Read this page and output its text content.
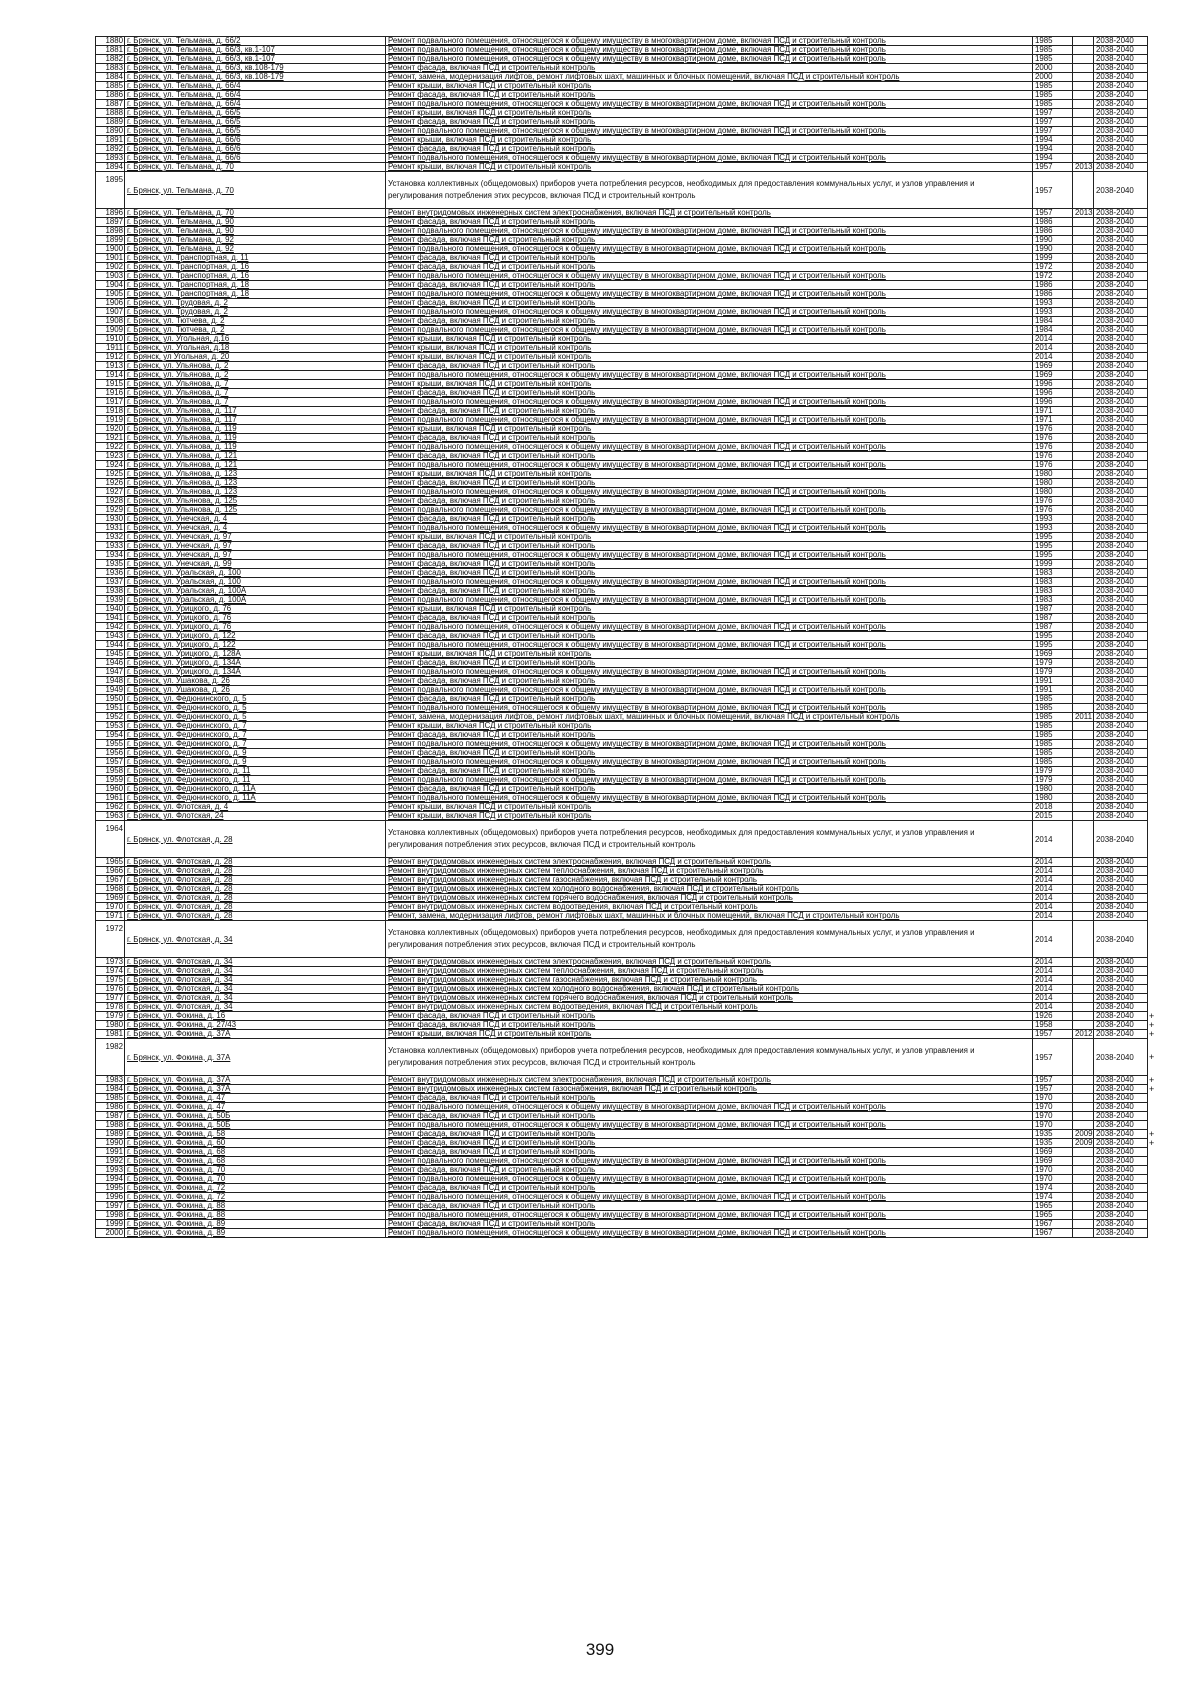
1880	г. Брянск, ул. Тельмана, д. 66/2	Ремонт подвального помещения, относящегося к общему имуществу в многоквартирном доме, включая ПСД и строительный контроль	1985		2038-2040	
1881	г. Брянск, ул. Тельмана, д. 66/3, кв.1-107	Ремонт подвального помещения, относящегося к общему имуществу в многоквартирном доме, включая ПСД и строительный контроль	1985		2038-2040	
1882	г. Брянск, ул. Тельмана, д. 66/3, кв.1-107	Ремонт подвального помещения, относящегося к общему имуществу в многоквартирном доме, включая ПСД и строительный контроль	1985		2038-2040	
1883	г. Брянск, ул. Тельмана, д. 66/3, кв.108-179	Ремонт фасада, включая ПСД и строительный контроль	2000		2038-2040	
1884	г. Брянск, ул. Тельмана, д. 66/3, кв.108-179	Ремонт, замена, модернизация лифтов, ремонт лифтовых шахт, машинных и блочных помещений, включая ПСД и строительный контроль	2000		2038-2040	
1885	г. Брянск, ул. Тельмана, д. 66/4	Ремонт крыши, включая ПСД и строительный контроль	1985		2038-2040	
1886	г. Брянск, ул. Тельмана, д. 66/4	Ремонт фасада, включая ПСД и строительный контроль	1985		2038-2040	
1887	г. Брянск, ул. Тельмана, д. 66/4	Ремонт подвального помещения, относящегося к общему имуществу в многоквартирном доме, включая ПСД и строительный контроль	1985		2038-2040	
1888	г. Брянск, ул. Тельмана, д. 66/5	Ремонт крыши, включая ПСД и строительный контроль	1997		2038-2040	
1889	г. Брянск, ул. Тельмана, д. 66/5	Ремонт фасада, включая ПСД и строительный контроль	1997		2038-2040	
1890	г. Брянск, ул. Тельмана, д. 66/5	Ремонт подвального помещения, относящегося к общему имуществу в многоквартирном доме, включая ПСД и строительный контроль	1997		2038-2040	
1891	г. Брянск, ул. Тельмана, д. 66/6	Ремонт крыши, включая ПСД и строительный контроль	1994		2038-2040	
1892	г. Брянск, ул. Тельмана, д. 66/6	Ремонт фасада, включая ПСД и строительный контроль	1994		2038-2040	
1893	г. Брянск, ул. Тельмана, д. 66/6	Ремонт подвального помещения, относящегося к общему имуществу в многоквартирном доме, включая ПСД и строительный контроль	1994		2038-2040	
1894	г. Брянск, ул. Тельмана, д. 70	Ремонт крыши, включая ПСД и строительный контроль	1957	2013	2038-2040	
1895	г. Брянск, ул. Тельмана, д. 70	Установка коллективных (общедомовых) приборов учета потребления ресурсов, необходимых для предоставления коммунальных услуг, и узлов управления и регулирования потребления этих ресурсов, включая ПСД и строительный контроль	1957		2038-2040	
1896	г. Брянск, ул. Тельмана, д. 70	Ремонт внутридомовых инженерных систем электроснабжения, включая ПСД и строительный контроль	1957	2013	2038-2040	
1897	г. Брянск, ул. Тельмана, д. 90	Ремонт фасада, включая ПСД и строительный контроль	1986		2038-2040	
1898	г. Брянск, ул. Тельмана, д. 90	Ремонт подвального помещения, относящегося к общему имуществу в многоквартирном доме, включая ПСД и строительный контроль	1986		2038-2040	
1899	г. Брянск, ул. Тельмана, д. 92	Ремонт фасада, включая ПСД и строительный контроль	1990		2038-2040	
1900	г. Брянск, ул. Тельмана, д. 92	Ремонт подвального помещения, относящегося к общему имуществу в многоквартирном доме, включая ПСД и строительный контроль	1990		2038-2040	
1901	г. Брянск, ул. Транспортная, д. 11	Ремонт фасада, включая ПСД и строительный контроль	1999		2038-2040	
1902	г. Брянск, ул. Транспортная, д. 16	Ремонт фасада, включая ПСД и строительный контроль	1972		2038-2040	
1903	г. Брянск, ул. Транспортная, д. 16	Ремонт подвального помещения, относящегося к общему имуществу в многоквартирном доме, включая ПСД и строительный контроль	1972		2038-2040	
1904	г. Брянск, ул. Транспортная, д. 18	Ремонт фасада, включая ПСД и строительный контроль	1986		2038-2040	
1905	г. Брянск, ул. Транспортная, д. 18	Ремонт подвального помещения, относящегося к общему имуществу в многоквартирном доме, включая ПСД и строительный контроль	1986		2038-2040	
1906	г. Брянск, ул. Трудовая, д. 2	Ремонт фасада, включая ПСД и строительный контроль	1993		2038-2040	
1907	г. Брянск, ул. Трудовая, д. 2	Ремонт подвального помещения, относящегося к общему имуществу в многоквартирном доме, включая ПСД и строительный контроль	1993		2038-2040	
1908	г. Брянск, ул. Тютчева, д. 2	Ремонт фасада, включая ПСД и строительный контроль	1984		2038-2040	
1909	г. Брянск, ул. Тютчева, д. 2	Ремонт подвального помещения, относящегося к общему имуществу в многоквартирном доме, включая ПСД и строительный контроль	1984		2038-2040	
1910	г. Брянск, ул. Угольная, д.16	Ремонт крыши, включая ПСД и строительный контроль	2014		2038-2040	
1911	г. Брянск, ул. Угольная, д.18	Ремонт крыши, включая ПСД и строительный контроль	2014		2038-2040	
1912	г. Брянск, ул Угольная, д. 20	Ремонт крыши, включая ПСД и строительный контроль	2014		2038-2040	
1913	г. Брянск, ул. Ульянова, д. 2	Ремонт фасада, включая ПСД и строительный контроль	1969		2038-2040	
1914	г. Брянск, ул. Ульянова, д. 2	Ремонт подвального помещения, относящегося к общему имуществу в многоквартирном доме, включая ПСД и строительный контроль	1969		2038-2040	
1915	г. Брянск, ул. Ульянова, д. 7	Ремонт крыши, включая ПСД и строительный контроль	1996		2038-2040	
1916	г. Брянск, ул. Ульянова, д. 7	Ремонт фасада, включая ПСД и строительный контроль	1996		2038-2040	
1917	г. Брянск, ул. Ульянова, д. 7	Ремонт подвального помещения, относящегося к общему имуществу в многоквартирном доме, включая ПСД и строительный контроль	1996		2038-2040	
1918	г. Брянск, ул. Ульянова, д. 117	Ремонт фасада, включая ПСД и строительный контроль	1971		2038-2040	
1919	г. Брянск, ул. Ульянова, д. 117	Ремонт подвального помещения, относящегося к общему имуществу в многоквартирном доме, включая ПСД и строительный контроль	1971		2038-2040	
1920	г. Брянск, ул. Ульянова, д. 119	Ремонт крыши, включая ПСД и строительный контроль	1976		2038-2040	
1921	г. Брянск, ул. Ульянова, д. 119	Ремонт фасада, включая ПСД и строительный контроль	1976		2038-2040	
1922	г. Брянск, ул. Ульянова, д. 119	Ремонт подвального помещения, относящегося к общему имуществу в многоквартирном доме, включая ПСД и строительный контроль	1976		2038-2040	
1923	г. Брянск, ул. Ульянова, д. 121	Ремонт фасада, включая ПСД и строительный контроль	1976		2038-2040	
1924	г. Брянск, ул. Ульянова, д. 121	Ремонт подвального помещения, относящегося к общему имуществу в многоквартирном доме, включая ПСД и строительный контроль	1976		2038-2040	
1925	г. Брянск, ул. Ульянова, д. 123	Ремонт крыши, включая ПСД и строительный контроль	1980		2038-2040	
1926	г. Брянск, ул. Ульянова, д. 123	Ремонт фасада, включая ПСД и строительный контроль	1980		2038-2040	
1927	г. Брянск, ул. Ульянова, д. 123	Ремонт подвального помещения, относящегося к общему имуществу в многоквартирном доме, включая ПСД и строительный контроль	1980		2038-2040	
1928	г. Брянск, ул. Ульянова, д. 125	Ремонт фасада, включая ПСД и строительный контроль	1976		2038-2040	
1929	г. Брянск, ул. Ульянова, д. 125	Ремонт подвального помещения, относящегося к общему имуществу в многоквартирном доме, включая ПСД и строительный контроль	1976		2038-2040	
1930	г. Брянск, ул. Унечская, д. 4	Ремонт фасада, включая ПСД и строительный контроль	1993		2038-2040	
1931	г. Брянск, ул. Унечская, д. 4	Ремонт подвального помещения, относящегося к общему имуществу в многоквартирном доме, включая ПСД и строительный контроль	1993		2038-2040	
1932	г. Брянск, ул. Унечская, д. 97	Ремонт крыши, включая ПСД и строительный контроль	1995		2038-2040	
1933	г. Брянск, ул. Унечская, д. 97	Ремонт фасада, включая ПСД и строительный контроль	1995		2038-2040	
1934	г. Брянск, ул. Унечская, д. 97	Ремонт подвального помещения, относящегося к общему имуществу в многоквартирном доме, включая ПСД и строительный контроль	1995		2038-2040	
1935	г. Брянск, ул. Унечская, д. 99	Ремонт фасада, включая ПСД и строительный контроль	1999		2038-2040	
1936	г. Брянск, ул. Уральская, д. 100	Ремонт фасада, включая ПСД и строительный контроль	1983		2038-2040	
1937	г. Брянск, ул. Уральская, д. 100	Ремонт подвального помещения, относящегося к общему имуществу в многоквартирном доме, включая ПСД и строительный контроль	1983		2038-2040	
1938	г. Брянск, ул. Уральская, д. 100А	Ремонт фасада, включая ПСД и строительный контроль	1983		2038-2040	
1939	г. Брянск, ул. Уральская, д. 100А	Ремонт подвального помещения, относящегося к общему имуществу в многоквартирном доме, включая ПСД и строительный контроль	1983		2038-2040	
1940	г. Брянск, ул. Урицкого, д. 76	Ремонт крыши, включая ПСД и строительный контроль	1987		2038-2040	
1941	г. Брянск, ул. Урицкого, д. 76	Ремонт фасада, включая ПСД и строительный контроль	1987		2038-2040	
1942	г. Брянск, ул. Урицкого, д. 76	Ремонт подвального помещения, относящегося к общему имуществу в многоквартирном доме, включая ПСД и строительный контроль	1987		2038-2040	
1943	г. Брянск, ул. Урицкого, д. 122	Ремонт фасада, включая ПСД и строительный контроль	1995		2038-2040	
1944	г. Брянск, ул. Урицкого, д. 122	Ремонт подвального помещения, относящегося к общему имуществу в многоквартирном доме, включая ПСД и строительный контроль	1995		2038-2040	
1945	г. Брянск, ул. Урицкого, д. 128А	Ремонт крыши, включая ПСД и строительный контроль	1969		2038-2040	
1946	г. Брянск, ул. Урицкого, д. 134А	Ремонт фасада, включая ПСД и строительный контроль	1979		2038-2040	
1947	г. Брянск, ул. Урицкого, д. 134А	Ремонт подвального помещения, относящегося к общему имуществу в многоквартирном доме, включая ПСД и строительный контроль	1979		2038-2040	
1948	г. Брянск, ул. Ушакова, д. 26	Ремонт фасада, включая ПСД и строительный контроль	1991		2038-2040	
1949	г. Брянск, ул. Ушакова, д. 26	Ремонт подвального помещения, относящегося к общему имуществу в многоквартирном доме, включая ПСД и строительный контроль	1991		2038-2040	
1950	г. Брянск, ул. Федюнинского, д. 5	Ремонт фасада, включая ПСД и строительный контроль	1985		2038-2040	
1951	г. Брянск, ул. Федюнинского, д. 5	Ремонт подвального помещения, относящегося к общему имуществу в многоквартирном доме, включая ПСД и строительный контроль	1985		2038-2040	
1952	г. Брянск, ул. Федюнинского, д. 5	Ремонт, замена, модернизация лифтов, ремонт лифтовых шахт, машинных и блочных помещений, включая ПСД и строительный контроль	1985	2011	2038-2040	
1953	г. Брянск, ул. Федюнинского, д. 7	Ремонт крыши, включая ПСД и строительный контроль	1985		2038-2040	
1954	г. Брянск, ул. Федюнинского, д. 7	Ремонт фасада, включая ПСД и строительный контроль	1985		2038-2040	
1955	г. Брянск, ул. Федюнинского, д. 7	Ремонт подвального помещения, относящегося к общему имуществу в многоквартирном доме, включая ПСД и строительный контроль	1985		2038-2040	
1956	г. Брянск, ул. Федюнинского, д. 9	Ремонт фасада, включая ПСД и строительный контроль	1985		2038-2040	
1957	г. Брянск, ул. Федюнинского, д. 9	Ремонт подвального помещения, относящегося к общему имуществу в многоквартирном доме, включая ПСД и строительный контроль	1985		2038-2040	
1958	г. Брянск, ул. Федюнинского, д. 11	Ремонт фасада, включая ПСД и строительный контроль	1979		2038-2040	
1959	г. Брянск, ул. Федюнинского, д. 11	Ремонт подвального помещения, относящегося к общему имуществу в многоквартирном доме, включая ПСД и строительный контроль	1979		2038-2040	
1960	г. Брянск, ул. Федюнинского, д. 11А	Ремонт фасада, включая ПСД и строительный контроль	1980		2038-2040	
1961	г. Брянск, ул. Федюнинского, д. 11А	Ремонт подвального помещения, относящегося к общему имуществу в многоквартирном доме, включая ПСД и строительный контроль	1980		2038-2040	
1962	г. Брянск, ул. Флотская, д. 4	Ремонт крыши, включая ПСД и строительный контроль	2018		2038-2040	
1963	г. Брянск, ул. Флотская, 24	Ремонт крыши, включая ПСД и строительный контроль	2015		2038-2040	
1964	г. Брянск, ул. Флотская, д. 28	Установка коллективных (общедомовых) приборов учета потребления ресурсов, необходимых для предоставления коммунальных услуг, и узлов управления и регулирования потребления этих ресурсов, включая ПСД и строительный контроль	2014		2038-2040	
1965	г. Брянск, ул. Флотская, д. 28	Ремонт внутридомовых инженерных систем электроснабжения, включая ПСД и строительный контроль	2014		2038-2040	
1966	г. Брянск, ул. Флотская, д. 28	Ремонт внутридомовых инженерных систем теплоснабжения, включая ПСД и строительный контроль	2014		2038-2040	
1967	г. Брянск, ул. Флотская, д. 28	Ремонт внутридомовых инженерных систем газоснабжения, включая ПСД и строительный контроль	2014		2038-2040	
1968	г. Брянск, ул. Флотская, д. 28	Ремонт внутридомовых инженерных систем холодного водоснабжения, включая ПСД и строительный контроль	2014		2038-2040	
1969	г. Брянск, ул. Флотская, д. 28	Ремонт внутридомовых инженерных систем горячего водоснабжения, включая ПСД и строительный контроль	2014		2038-2040	
1970	г. Брянск, ул. Флотская, д. 28	Ремонт внутридомовых инженерных систем водоотведения, включая ПСД и строительный контроль	2014		2038-2040	
1971	г. Брянск, ул. Флотская, д. 28	Ремонт, замена, модернизация лифтов, ремонт лифтовых шахт, машинных и блочных помещений, включая ПСД и строительный контроль	2014		2038-2040	
1972	г. Брянск, ул. Флотская, д. 34	Установка коллективных (общедомовых) приборов учета потребления ресурсов, необходимых для предоставления коммунальных услуг, и узлов управления и регулирования потребления этих ресурсов, включая ПСД и строительный контроль	2014		2038-2040	
1973	г. Брянск, ул. Флотская, д. 34	Ремонт внутридомовых инженерных систем электроснабжения, включая ПСД и строительный контроль	2014		2038-2040	
1974	г. Брянск, ул. Флотская, д. 34	Ремонт внутридомовых инженерных систем теплоснабжения, включая ПСД и строительный контроль	2014		2038-2040	
1975	г. Брянск, ул. Флотская, д. 34	Ремонт внутридомовых инженерных систем газоснабжения, включая ПСД и строительный контроль	2014		2038-2040	
1976	г. Брянск, ул. Флотская, д. 34	Ремонт внутридомовых инженерных систем холодного водоснабжения, включая ПСД и строительный контроль	2014		2038-2040	
1977	г. Брянск, ул. Флотская, д. 34	Ремонт внутридомовых инженерных систем горячего водоснабжения, включая ПСД и строительный контроль	2014		2038-2040	
1978	г. Брянск, ул. Флотская, д. 34	Ремонт внутридомовых инженерных систем водоотведения, включая ПСД и строительный контроль	2014		2038-2040	
1979	г. Брянск, ул. Фокина, д. 16	Ремонт фасада, включая ПСД и строительный контроль	1926		2038-2040	+
1980	г. Брянск, ул. Фокина, д. 27/43	Ремонт фасада, включая ПСД и строительный контроль	1958		2038-2040	+
1981	г. Брянск, ул. Фокина, д. 37А	Ремонт крыши, включая ПСД и строительный контроль	1957	2012	2038-2040	+
1982	г. Брянск, ул. Фокина, д. 37А	Установка коллективных (общедомовых) приборов учета потребления ресурсов, необходимых для предоставления коммунальных услуг, и узлов управления и регулирования потребления этих ресурсов, включая ПСД и строительный контроль	1957		2038-2040	+
1983	г. Брянск, ул. Фокина, д. 37А	Ремонт внутридомовых инженерных систем электроснабжения, включая ПСД и строительный контроль	1957		2038-2040	+
1984	г. Брянск, ул. Фокина, д. 37А	Ремонт внутридомовых инженерных систем газоснабжения, включая ПСД и строительный контроль	1957		2038-2040	+
1985	г. Брянск, ул. Фокина, д. 47	Ремонт фасада, включая ПСД и строительный контроль	1970		2038-2040	
1986	г. Брянск, ул. Фокина, д. 47	Ремонт подвального помещения, относящегося к общему имуществу в многоквартирном доме, включая ПСД и строительный контроль	1970		2038-2040	
1987	г. Брянск, ул. Фокина, д. 50Б	Ремонт фасада, включая ПСД и строительный контроль	1970		2038-2040	
1988	г. Брянск, ул. Фокина, д. 50Б	Ремонт подвального помещения, относящегося к общему имуществу в многоквартирном доме, включая ПСД и строительный контроль	1970		2038-2040	
1989	г. Брянск, ул. Фокина, д. 58	Ремонт фасада, включая ПСД и строительный контроль	1935	2009	2038-2040	+
1990	г. Брянск, ул. Фокина, д. 60	Ремонт фасада, включая ПСД и строительный контроль	1935	2009	2038-2040	+
1991	г. Брянск, ул. Фокина, д. 68	Ремонт фасада, включая ПСД и строительный контроль	1969		2038-2040	
1992	г. Брянск, ул. Фокина, д. 68	Ремонт подвального помещения, относящегося к общему имуществу в многоквартирном доме, включая ПСД и строительный контроль	1969		2038-2040	
1993	г. Брянск, ул. Фокина, д. 70	Ремонт фасада, включая ПСД и строительный контроль	1970		2038-2040	
1994	г. Брянск, ул. Фокина, д. 70	Ремонт подвального помещения, относящегося к общему имуществу в многоквартирном доме, включая ПСД и строительный контроль	1970		2038-2040	
1995	г. Брянск, ул. Фокина, д. 72	Ремонт фасада, включая ПСД и строительный контроль	1974		2038-2040	
1996	г. Брянск, ул. Фокина, д. 72	Ремонт подвального помещения, относящегося к общему имуществу в многоквартирном доме, включая ПСД и строительный контроль	1974		2038-2040	
1997	г. Брянск, ул. Фокина, д. 88	Ремонт фасада, включая ПСД и строительный контроль	1965		2038-2040	
1998	г. Брянск, ул. Фокина, д. 88	Ремонт подвального помещения, относящегося к общему имуществу в многоквартирном доме, включая ПСД и строительный контроль	1965		2038-2040	
1999	г. Брянск, ул. Фокина, д. 89	Ремонт фасада, включая ПСД и строительный контроль	1967		2038-2040	
2000	г. Брянск, ул. Фокина, д. 89	Ремонт подвального помещения, относящегося к общему имуществу в многоквартирном доме, включая ПСД и строительный контроль	1967		2038-2040	
399
